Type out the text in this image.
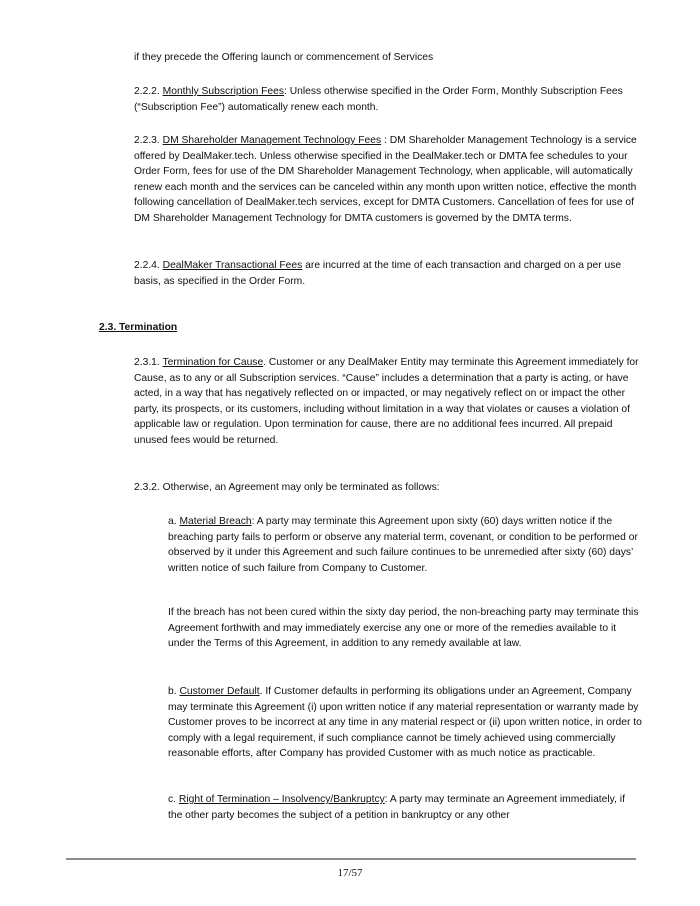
if they precede the Offering launch or commencement of Services

2.2.2. Monthly Subscription Fees: Unless otherwise specified in the Order Form, Monthly Subscription Fees (“Subscription Fee”) automatically renew each month.

2.2.3. DM Shareholder Management Technology Fees : DM Shareholder Management Technology is a service offered by DealMaker.tech. Unless otherwise specified in the DealMaker.tech or DMTA fee schedules to your Order Form, fees for use of the DM Shareholder Management Technology, when applicable, will automatically renew each month and the services can be canceled within any month upon written notice, effective the month following cancellation of DealMaker.tech services, except for DMTA Customers. Cancellation of fees for use of DM Shareholder Management Technology for DMTA customers is governed by the DMTA terms.

2.2.4. DealMaker Transactional Fees are incurred at the time of each transaction and charged on a per use basis, as specified in the Order Form.

2.3. Termination

2.3.1. Termination for Cause. Customer or any DealMaker Entity may terminate this Agreement immediately for Cause, as to any or all Subscription services. “Cause” includes a determination that a party is acting, or have acted, in a way that has negatively reflected on or impacted, or may negatively reflect on or impact the other party, its prospects, or its customers, including without limitation in a way that violates or causes a violation of applicable law or regulation. Upon termination for cause, there are no additional fees incurred. All prepaid unused fees would be returned.

2.3.2. Otherwise, an Agreement may only be terminated as follows:

a. Material Breach: A party may terminate this Agreement upon sixty (60) days written notice if the breaching party fails to perform or observe any material term, covenant, or condition to be performed or observed by it under this Agreement and such failure continues to be unremedied after sixty (60) days’ written notice of such failure from Company to Customer.

If the breach has not been cured within the sixty day period, the non-breaching party may terminate this Agreement forthwith and may immediately exercise any one or more of the remedies available to it under the Terms of this Agreement, in addition to any remedy available at law.

b. Customer Default. If Customer defaults in performing its obligations under an Agreement, Company may terminate this Agreement (i) upon written notice if any material representation or warranty made by Customer proves to be incorrect at any time in any material respect or (ii) upon written notice, in order to comply with a legal requirement, if such compliance cannot be timely achieved using commercially reasonable efforts, after Company has provided Customer with as much notice as practicable.

c. Right of Termination – Insolvency/Bankruptcy: A party may terminate an Agreement immediately, if the other party becomes the subject of a petition in bankruptcy or any other

17/57
